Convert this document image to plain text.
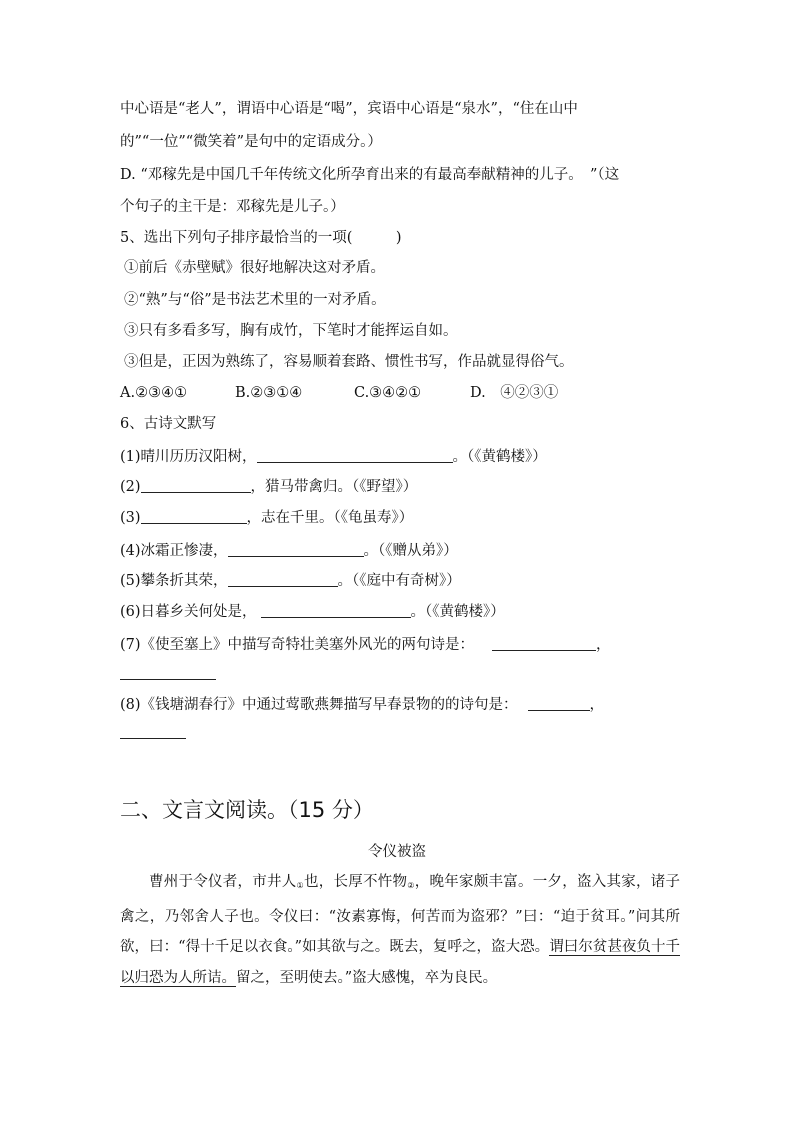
中心语是“老人”，谓语中心语是“喝”，宾语中心语是“泉水”，“住在山中
的”“一位”“微笑着”是句中的定语成分。）
D. “邓稼先是中国几千年传统文化所孕育出来的有最高奉献精神的儿子。　”（这
个句子的主干是：邓稼先是儿子。）
5、选出下列句子排序最恰当的一项(　　　)
①前后《赤壁赋》很好地解决这对矛盾。
②“熟”与“俗”是书法艺术里的一对矛盾。
③只有多看多写，胸有成竹，下笔时才能挥运自如。
③但是，正因为熟练了，容易顺着套路、惯性书写，作品就显得俗气。
A.②③④①	B.②③①④	C.③④②①	D.　④②③①
6、古诗文默写
(1)晴川历历汉阳树，	。（《黄鹤楼》）
(2)	，猎马带禽归。（《野望》）
(3)	，志在千里。（《龟虽寿》）
(4)冰霜正惨凄，	。（《赠从弟》）
(5)攀条折其荣，	。（《庭中有奇树》）
(6)日暮乡关何处是，	。（《黄鹤楼》）
(7)《使至塞上》中描写奇特壮美塞外风光的两句诗是：	，
(8)《钱塘湖春行》中通过莺歌燕舞描写早春景物的的诗句是：	，
二、文言文阅读。（15 分）
令仪被盗
曹州于令仪者，市井人$_①$也，长厚不忤物$_②$，晚年家颇丰富。一夕，盗入其家，诸子禽之，乃邻舍人子也。令仪曰：“汝素寡悔，何苦而为盗邪？”曰：“迫于贫耳。”问其所欲，曰：“得十千足以衣食。”如其欲与之。既去，复呼之，盗大恐。谓曰尔贫甚夜负十千以归恐为人所诘。留之，至明使去。”盗大感愧，卒为良民。
